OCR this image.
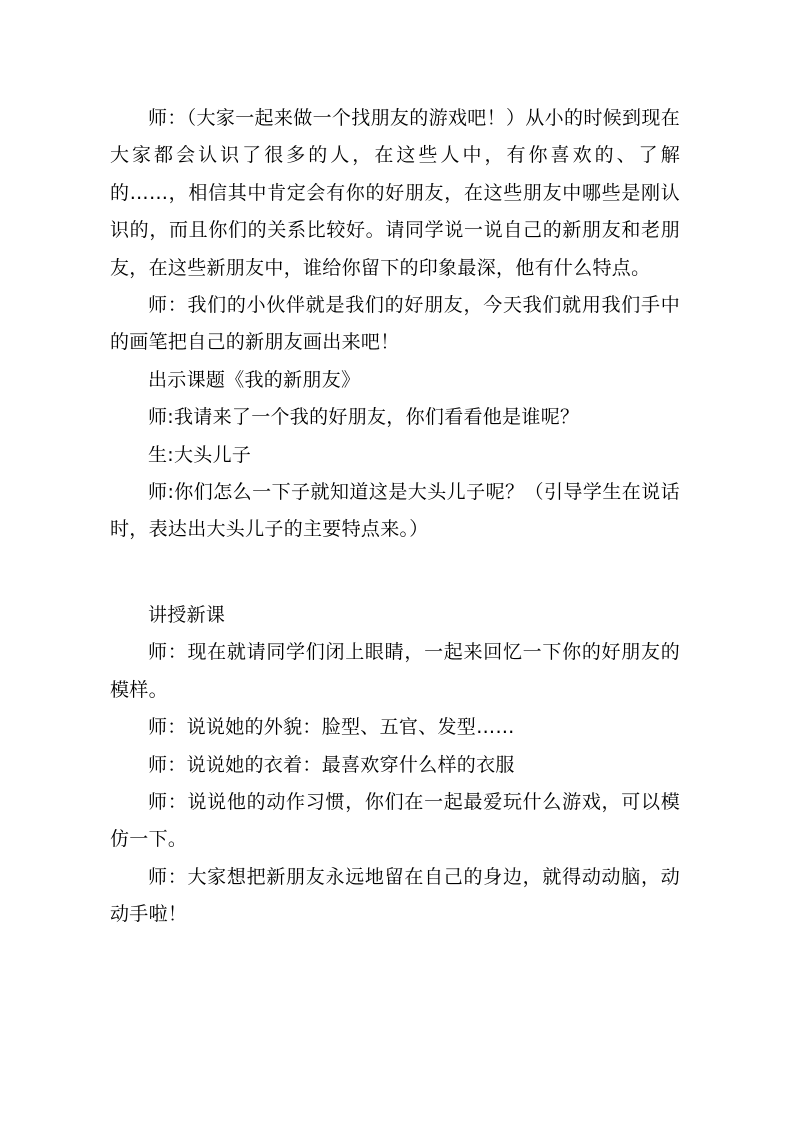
师：（大家一起来做一个找朋友的游戏吧！）从小的时候到现在大家都会认识了很多的人，在这些人中，有你喜欢的、了解的……，相信其中肯定会有你的好朋友，在这些朋友中哪些是刚认识的，而且你们的关系比较好。请同学说一说自己的新朋友和老朋友，在这些新朋友中，谁给你留下的印象最深，他有什么特点。

师：我们的小伙伴就是我们的好朋友，今天我们就用我们手中的画笔把自己的新朋友画出来吧！

出示课题《我的新朋友》

师:我请来了一个我的好朋友，你们看看他是谁呢？

生:大头儿子

师:你们怎么一下子就知道这是大头儿子呢？（引导学生在说话时，表达出大头儿子的主要特点来。）

讲授新课

师：现在就请同学们闭上眼睛，一起来回忆一下你的好朋友的模样。

师：说说她的外貌：脸型、五官、发型……

师：说说她的衣着：最喜欢穿什么样的衣服

师：说说他的动作习惯，你们在一起最爱玩什么游戏，可以模仿一下。

师：大家想把新朋友永远地留在自己的身边，就得动动脑，动动手啦！
